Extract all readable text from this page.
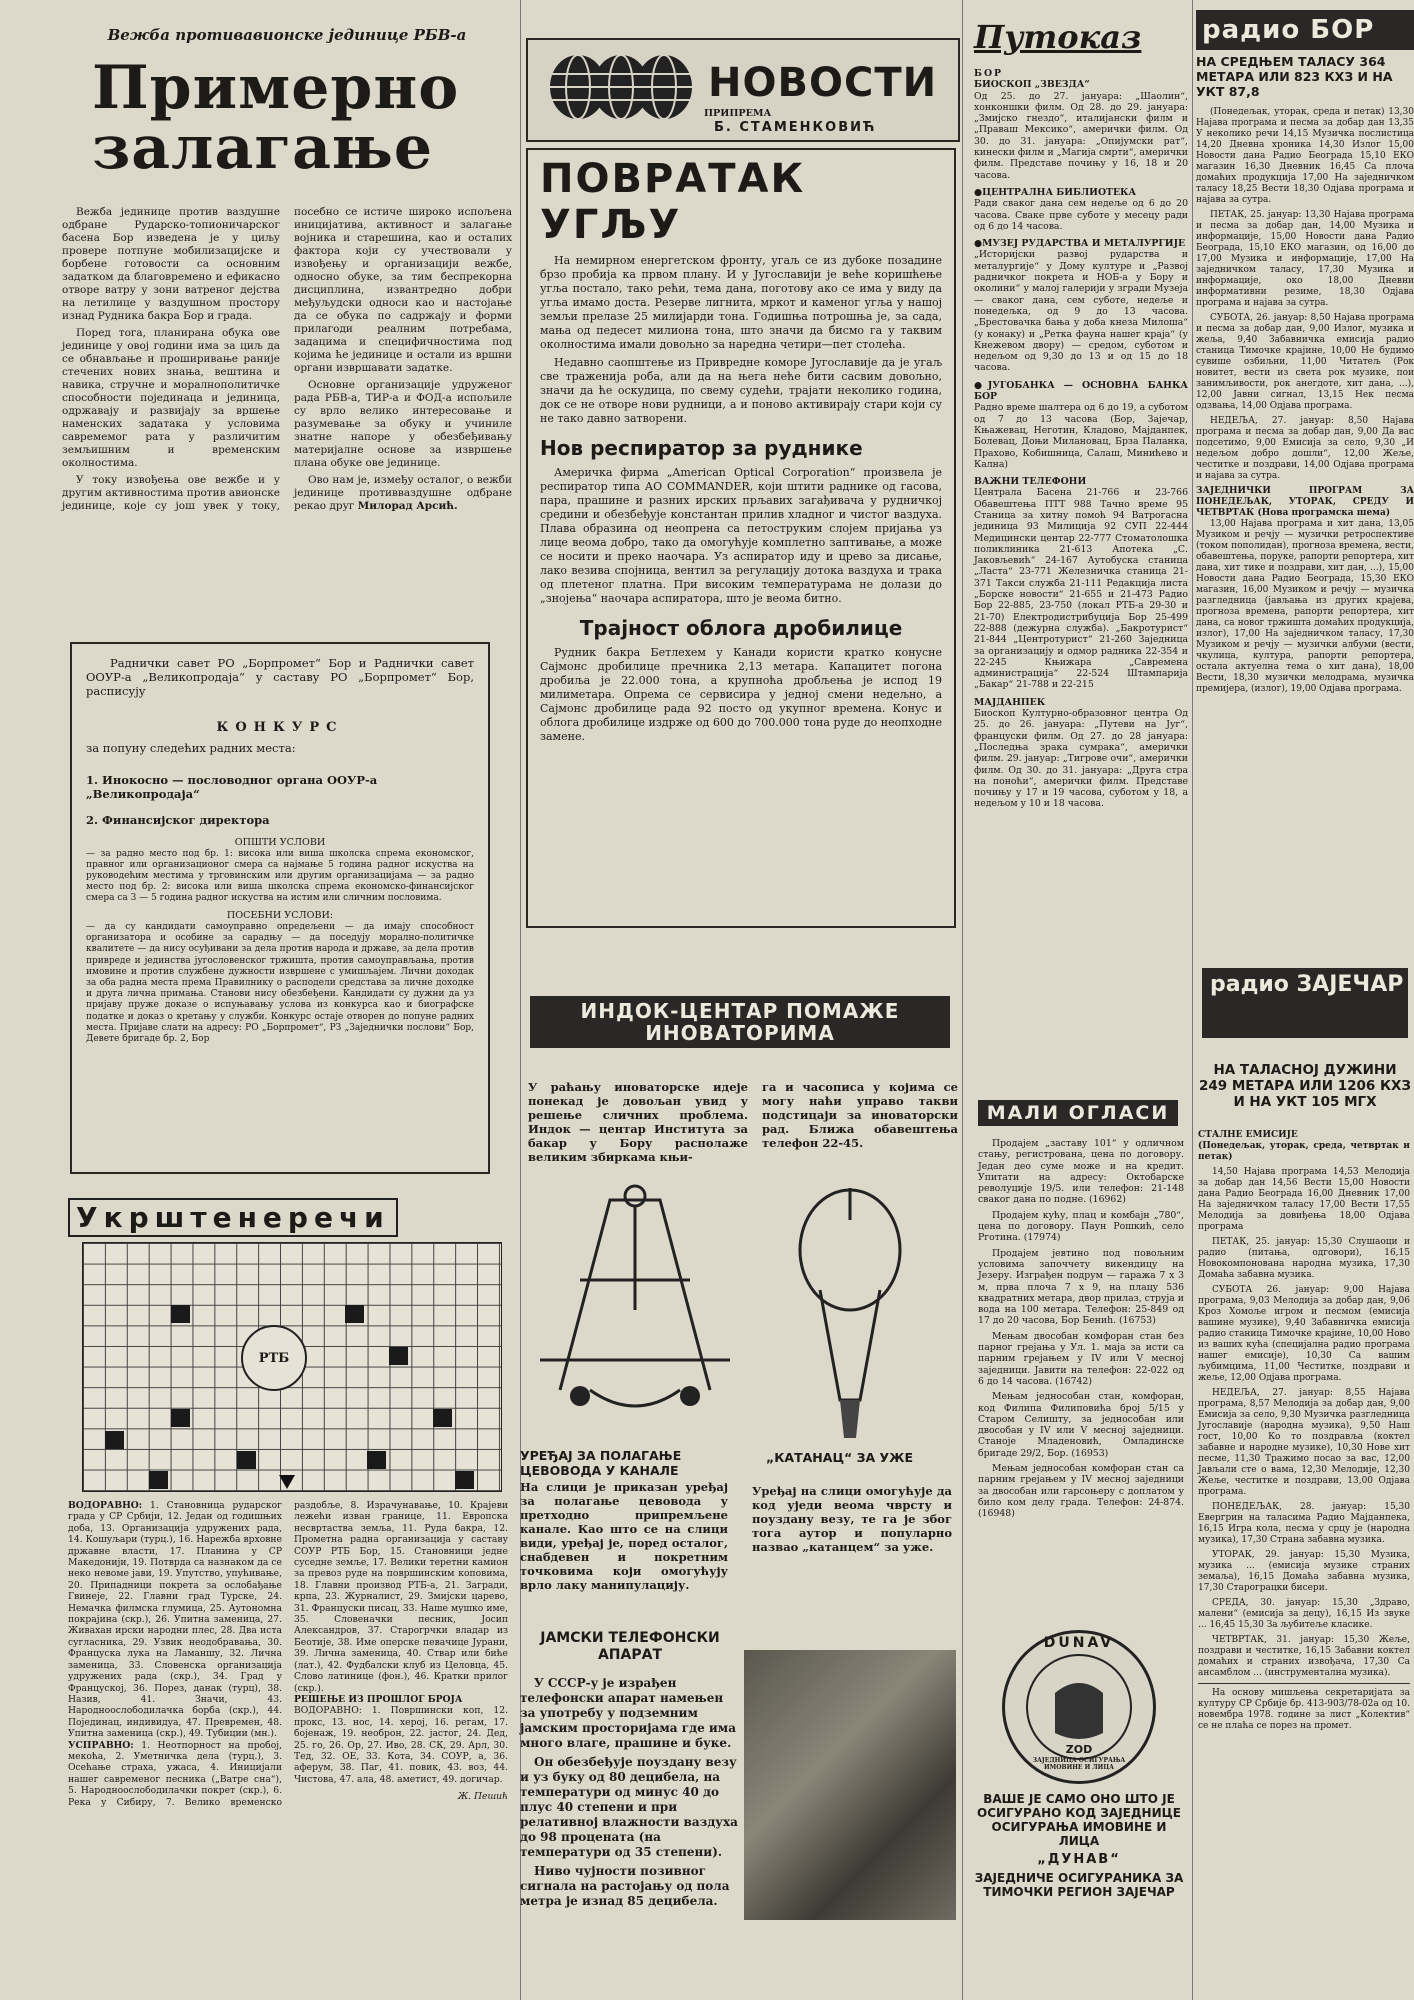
Вежба противавионске јединице РБВ-а
Примерно залагање

Вежба јединице против ваздушне одбране Рударско-топионичарског басена Бор изведена је у циљу провере потпуне мобилизацијске и борбене готовости са основним задатком да благовремено и ефикасно отворе ватру у зони ватреног дејства на летилице у ваздушном простору изнад Рудника бакра Бор и града.

Поред тога, планирана обука ове јединице у овој години има за циљ да се обнављање и проширивање раније стечених нових знања, вештина и навика, стручне и моралнополитичке способности појединаца и јединица, одржавају и развијају за вршење наменских задатака у условима савремемог рата у различитим земљишним и временским околностима.

У току извођења ове вежбе и у другим активностима против авионске јединице, које су још увек у току, посебно се истиче широко испољена иницијатива, активност и залагање војника и старешина, као и осталих фактора који су учествовали у извођењу и организацији вежбе, односно обуке, за тим беспрекорна дисциплина, извантредно добри међуљудски односи као и настојање да се обука по садржају и форми прилагоди реалним потребама, задацима и специфичностима под којима ће јединице и остали из вршни органи извршавати задатке.

Основне организације удруженог рада РБВ-а, ТИР-а и ФОД-а испољиле су врло велико интересовање и разумевање за обуку и учиниле знатне напоре у обезбеђивању материјалне основе за извршење плана обуке ове јединице.

Ово нам је, између осталог, о вежби јединице противваздушне одбране рекао друг Милорад Арсић.

Раднички савет РО „Борпромет“ Бор и Раднички савет ООУР-а „Великопродаја“ у саставу РО „Борпромет“ Бор, расписују
КОНКУРС
за попуну следећих радних места:
1. Инокосно — пословодног органа ООУР-а „Великопродаја“
2. Финансијског директора
ОПШТИ УСЛОВИ
— за радно место под бр. 1: висока или виша школска спрема економског, правног или организационог смера са најмање 5 година радног искуства на руководећим местима у трговинским или другим организацијама — за радно место под бр. 2: висока или виша школска спрема економско-финансијског смера са 3 — 5 година радног искуства на истим или сличним пословима.
ПОСЕБНИ УСЛОВИ:
— да су кандидати самоуправно опредељени — да имају способност организатора и особине за сарадњу — да поседују морално-политичке квалитете — да нису осуђивани за дела против народа и државе, за дела против привреде и јединства југословенског тржишта, против самоуправљања, против имовине и против службене дужности извршене с умишљајем. Лични доходак за оба радна места према Правилнику о расподели средстава за личне доходке и друга лична примања. Станови нису обезбеђени. Кандидати су дужни да уз пријаву пруже доказе о испуњавању услова из конкурса као и биографске податке и доказ о кретању у служби. Конкурс остаје отворен до попуне радних места. Пријаве слати на адресу: РО „Борпромет“, РЗ „Заједнички послови“ Бор, Девете бригаде бр. 2, Бор
Укрштенеречи
РТБ
ВОДОРАВНО: 1. Становница рударског града у СР Србији, 12. Један од годишњих доба, 13. Организација удружених рада, 14. Кошуљари (турц.), 16. Нарежба врховне државне власти, 17. Планина у СР Македонији, 19. Потврда са назнаком да се неко невоме јави, 19. Упутство, упућивање, 20. Припадници покрета за ослобађање Гвинеје, 22. Главни град Турске, 24. Немачка филмска глумица, 25. Аутономна покрајина (скр.), 26. Упитна заменица, 27. Живахан ирски народни плес, 28. Два иста сугласника, 29. Узвик неодобравања, 30. Француска лука на Ламаншу, 32. Лична заменица, 33. Словенска организација удружених рада (скр.), 34. Град у Француској, 36. Порез, данак (турц), 38. Назив, 41. Значи, 43. Народноослободилачка борба (скр.), 44. Појединац, индивидуа, 47. Превремен, 48. Упитна заменица (скр.), 49. Тубиции (мн.).
УСПРАВНО: 1. Неотпорност на пробој, мекоћа, 2. Уметничка дела (турц.), 3. Осећање страха, ужаса, 4. Иницијали нашег савременог песника („Ватре сна“), 5. Народноослободилачки покрет (скр.), 6. Река у Сибиру, 7. Велико временско раздобље, 8. Израчунавање, 10. Крајеви лежећи изван границе, 11. Европска несвртаства земља, 11. Руда бакра, 12. Прометна радна организација у саставу СОУР РТБ Бор, 15. Становници једне суседне земље, 17. Велики теретни камион за превоз руде на површинским коповима, 18. Главни производ РТБ-а, 21. Загради, крпа, 23. Журналист, 29. Змијски царево, 31. Француски писац, 33. Наше мушко име, 35. Словеначки песник, Јосип Александров, 37. Старогрчки владар из Беотије, 38. Име оперске певачице Јурани, 39. Лична заменица, 40. Ствар или биће (лат.), 42. Фудбалски клуб из Целовца, 45. Слово латинице (фон.), 46. Кратки прилог (скр.).
РЕШЕЊЕ ИЗ ПРОШЛОГ БРОЈА
ВОДОРАВНО: 1. Површински коп, 12. прокс, 13. нос, 14. херој, 16. регам, 17. бојенаж, 19. необрон, 22. јастог, 24. Дед, 25. го, 26. Ор, 27. Иво, 28. СК, 29. Арл, 30. Тед, 32. ОЕ, 33. Кота, 34. СОУР, а, 36. аферум, 38. Паг, 41. повик, 43. воз, 44. Чистова, 47. ала, 48. аметист, 49. догичар.
Ж. Пешић
НОВОСТИ
ПРИПРЕМА
Б. СТАМЕНКОВИЋ
ПОВРАТАК УГЉУ

На немирном енергетском фронту, угаљ се из дубоке позадине брзо пробија ка првом плану. И у Југославији је веће коришћење угља постало, тако рећи, тема дана, поготову ако се има у виду да угља имамо доста. Резерве лигнита, мркот и каменог угља у нашој земљи прелазе 25 милијарди тона. Годишња потрошња је, за сада, мања од педесет милиона тона, што значи да бисмо га у таквим околностима имали довољно за наредна четири—пет столећа.

Недавно саопштење из Привредне коморе Југославије да је угаљ све траженија роба, али да на њега неће бити сасвим довољно, значи да ће оскудица, по свему судећи, трајати неколико година, док се не отворе нови рудници, а и поново активирају стари који су не тако давно затворени.

Нов респиратор за руднике
Америчка фирма „American Optical Corporation“ произвела је респиратор типа АО COMMANDER, који штити раднике од гасова, пара, прашине и разних ирских прљавих загађивача у рудничкој средини и обезбеђује константан прилив хладног и чистог ваздуха. Плава образина од неопрена са петоструким слојем пријања уз лице веома добро, тако да омогућује комплетно заптивање, а може се носити и преко наочара. Уз аспиратор иду и црево за дисање, лако везива спојница, вентил за регулацију дотока ваздуха и трака од плетеног платна. При високим температурама не долази до „знојења“ наочара аспиратора, што је веома битно.
Трајност облога дробилице
Рудник бакра Бетлехем у Канади користи кратко конусне Сајмонс дробилице пречника 2,13 метара. Капацитет погона дробиља је 22.000 тона, а крупноћа дробљења је испод 19 милиметара. Опрема се сервисира у једној смени недељно, а Сајмонс дробилице рада 92 посто од укупног времена. Конус и облога дробилице издрже од 600 до 700.000 тона руде до неопходне замене.
ИНДОК-ЦЕНТАР ПОМАЖЕ ИНОВАТОРИМА
У раћању иноваторске идеје понекад је довољан увид у решење сличних проблема. Индок — центар Института за бакар у Бору располаже великим збиркама књи-
га и часописа у којима се могу наћи управо такви подстицаји за иноваторски рад. Ближа обавештења телефон 22-45.
УРЕЂАЈ ЗА ПОЛАГАЊЕ ЦЕВОВОДА У КАНАЛЕ
На слици је приказан уређај за полагање цевовода у претходно припремљене канале. Као што се на слици види, уређај је, поред осталог, снабдевен и покретним точковима који омогућују врло лаку манипулацију.
„КАТАНАЦ“ ЗА УЖЕ
Уређај на слици омогућује да код уједи веома чврсту и поуздану везу, те га је због тога аутор и популарно назвао „катанцем“ за уже.
ЈАМСКИ ТЕЛЕФОНСКИ АПАРАТ

У СССР-у је израђен телефонски апарат намењен за употребу у подземним јамским просторијама где има много влаге, прашине и буке.

Он обезбеђује поуздану везу и уз буку од 80 децибела, на температури од минус 40 до плус 40 степени и при релативној влажности ваздуха до 98 процената (на температури од 35 степени).

Ниво чујности позивног сигнала на растојању од пола метра је изнад 85 децибела.

Путоказ
БОР
БИОСКОП „ЗВЕЗДА“
Од 25. до 27. јануара: „Шаолин“, хонконшки филм. Од 28. до 29. јануара: „Змијско гнездо“, италијански филм и „Праваш Мексико“, амерички филм. Од 30. до 31. јануара: „Опијумски рат“, кинески филм и „Магија смрти“, амерички филм. Представе почињу у 16, 18 и 20 часова.
● ЦЕНТРАЛНА БИБЛИОТЕКА
Ради сваког дана сем недеље од 6 до 20 часова. Сваке прве суботе у месецу ради од 6 до 14 часова.
● МУЗЕЈ РУДАРСТВА И МЕТАЛУРГИЈЕ
„Историјски развој рударства и металургије“ у Дому културе и „Развој радничког покрета и НОБ-а у Бору и околини“ у малој галерији у згради Музеја — сваког дана, сем суботе, недеље и понедељка, од 9 до 13 часова. „Брестовачка бања у доба кнеза Милоша“ (у конаку) и „Ретка фауна нашег краја“ (у Кнежевом двору) — средом, суботом и недељом од 9,30 до 13 и од 15 до 18 часова.
● ЈУГОБАНКА — ОСНОВНА БАНКА БОР
Радно време шалтера од 6 до 19, а суботом од 7 до 13 часова (Бор, Зајечар, Књажевац, Неготин, Кладово, Мајданпек, Болевац, Доњи Милановац, Брза Паланка, Прахово, Кобишница, Салаш, Минићево и Кална)
ВАЖНИ ТЕЛЕФОНИ
Централа Басена 21-766 и 23-766 Обавештења ПТТ 988 Тачно време 95 Станица за хитну помоћ 94 Ватрогасна јединица 93 Милиција 92 СУП 22-444 Медицински центар 22-777 Стоматолошка поликлиника 21-613 Апотека „С. Јаковљевић“ 24-167 Аутобуска станица „Ласта“ 23-771 Железничка станица 21-371 Такси служба 21-111 Редакција листа „Борске новости“ 21-655 и 21-473 Радио Бор 22-885, 23-750 (локал РТБ-а 29-30 и 21-70) Електродистрибуција Бор 25-499 22-888 (дежурна служба). „Бакротурист“ 21-844 „Центротурист“ 21-260 Заједница за организацију и одмор радника 22-354 и 22-245 Књижара „Савремена администрација“ 22-524 Штампарија „Бакар“ 21-788 и 22-215
МАЈДАНПЕК
Биоскоп Културно-образовног центра Од 25. до 26. јануара: „Путеви на Југ“, француски филм. Од 27. до 28 јануара: „Последња зрака сумрака“, амерички филм. 29. јануар: „Тигрове очи“, амерички филм. Од 30. до 31. јануара: „Друга стра на поноћи“, амерички филм. Представе почињу у 17 и 19 часова, суботом у 18, а недељом у 10 и 18 часова.
МАЛИ ОГЛАСИ

Продајем „заставу 101“ у одличном стању, регистрована, цена по договору. Један део суме може и на кредит. Упитати на адресу: Октобарске револуције 19/5. или телефон: 21-148 сваког дана по подне. (16962)

Продајем кућу, плац и комбајн „780“, цена по договору. Паун Рошкић, село Рготина. (17974)

Продајем јевтино под повољним условима започчету викендицу на Језеру. Изграђен подрум — гаража 7 x 3 м, прва плоча 7 x 9, на плацу 536 квадратних метара, двор прилаз, струја и вода на 100 метара. Телефон: 25-849 од 17 до 20 часова, Бор Бениh. (16753)

Мењам двособан комфоран стан без парног грејања у Ул. 1. маја за исти са парним грејањем у IV или V месној заједници. Јавити на телефон: 22-022 од 6 до 14 часова. (16742)

Мењам једнособан стан, комфоран, код Филипа Филиповића број 5/15 у Старом Селишту, за једнособан или двособан у IV или V месној заједници. Станоје Младеновић, Омладинске бригаде 29/2, Бор. (16953)

Мењам једнособан комфоран стан са парним грејањем у IV месној заједници за двособан или гарсоњеру с доплатом у било ком делу града. Телефон: 24-874. (16948)

DUNAV
ZOD
ЗАЈЕДНИЦА ОСИГУРАЊА ИМОВИНЕ И ЛИЦА
ВАШЕ ЈЕ САМО ОНО ШТО ЈЕ ОСИГУРАНО КОД ЗАЈЕДНИЦЕ ОСИГУРАЊА ИМОВИНЕ И ЛИЦА
„ДУНАВ“
ЗАЈЕДНИЧЕ ОСИГУРАНИКА ЗА ТИМОЧКИ РЕГИОН ЗАЈЕЧАР
радио БОР
НА СРЕДЊЕМ ТАЛАСУ 364 МЕТАРА ИЛИ 823 КХЗ И НА УКТ 87,8

(Понедељак, уторак, среда и петак) 13,30 Најава програма и песма за добар дан 13,35 У неколико речи 14,15 Музичка послистица 14,20 Дневна хроника 14,30 Излог 15,00 Новости дана Радио Београда 15,10 ЕКО магазин 16,30 Дневник 16,45 Са плоча домаћих продукција 17,00 На заједничком таласу 18,25 Вести 18,30 Одјава програма и најава за сутра.

ПЕТАК, 25. јануар: 13,30 Најава програма и песма за добар дан, 14,00 Музика и информације, 15,00 Новости дана Радио Београда, 15,10 ЕКО магазин, од 16,00 до 17,00 Музика и информације, 17,00 На заједничком таласу, 17,30 Музика и информације, око 18,00 Дневни информативни резиме, 18,30 Одјава програма и најава за сутра.

СУБОТА, 26. јануар: 8,50 Најава програма и песма за добар дан, 9,00 Излог, музика и жеља, 9,40 Забавничка емисија радио станица Тимочке крајине, 10,00 Не будимо сувише озбиљни, 11,00 Читатељ (Рок новитет, вести из света рок музике, пои занимљивости, рок анегдоте, хит дана, ...), 12,00 Јавни сигнал, 13,15 Нек песма одзвања, 14,00 Одјава програма.

НЕДЕЉА, 27. јануар: 8,50 Најава програма и песма за добар дан, 9,00 Да вас подсетимо, 9,00 Емисија за село, 9,30 „И недељом добро дошли“, 12,00 Жеље, честитке и поздрави, 14,00 Одјава програма и најава за сутра.

ЗАЈЕДНИЧКИ ПРОГРАМ ЗА ПОНЕДЕЉАК, УТОРАК, СРЕДУ И ЧЕТВРТАК (Нова програмска шема)

13,00 Најава програма и хит дана, 13,05 Музиком и речју — музички ретроспективе (током пополидан), прогноза времена, вести, обавештења, поруке, рапорти репортера, хит дана, хит тикe и поздрави, хит дан, ...), 15,00 Новости дана Радио Београда, 15,30 ЕКО магазин, 16,00 Музиком и речју — музичка разгледница (јављања из других крајева, прогноза времена, рапорти репортера, хит дана, са новог тржишта домаћих продукција, излог), 17,00 На заједничком таласу, 17,30 Музиком и речју — музички албуми (вести, чкулица, култура, рапорти репортера, остала актуелна тема о хит дана), 18,00 Вести, 18,30 музички мелодрама, музичка премијера, (излог), 19,00 Одјава програма.

радио ЗАЈЕЧАР
НА ТАЛАСНОЈ ДУЖИНИ 249 МЕТАРА ИЛИ 1206 КХЗ И НА УКТ 105 МГХ
СТАЛНЕ ЕМИСИЈЕ
(Понедељак, уторак, среда, четвртак и петак)

14,50 Најава програма 14,53 Мелодија за добар дан 14,56 Вести 15,00 Новости дана Радио Београда 16,00 Дневник 17,00 На заједничком таласу 17,00 Вести 17,55 Мелодија за довиђења 18,00 Одјава програма

ПЕТАК, 25. јануар: 15,30 Слушаоци и радио (питања, одговори), 16,15 Новокомпонована народна музика, 17,30 Домаћа забавна музика.

СУБОТА 26. јануар: 9,00 Најава програма, 9,03 Мелодија за добар дан, 9,06 Кроз Хомоље игром и песмом (емисија вашине музике), 9,40 Забавничка емисија радио станица Тимочке крајине, 10,00 Ново из ваших кућа (специјална радио програма нашег емисије), 10,30 Са вашим љубимцима, 11,00 Честитке, поздрави и жеље, 12,00 Одјава програма.

НЕДЕЉА, 27. јануар: 8,55 Најава програма, 8,57 Мелодија за добар дан, 9,00 Емисија за село, 9,30 Музичка разгледница Југославије (народна музика), 9,50 Наш гост, 10,00 Ко то поздравља (коктел забавне и народне музике), 10,30 Нове хит песме, 11,30 Тражимо посао за вас, 12,00 Јављали сте о вама, 12,30 Мелодије, 12,30 Жеље, честитке и поздрави, 13,00 Одјава програма.

ПОНЕДЕЉАК, 28. јануар: 15,30 Евергрин на таласима Радио Мајданпека, 16,15 Игра кола, песма у срцу је (народна музика), 17,30 Страна забавна музика.

УТОРАК, 29. јануар: 15,30 Музика, музика ... (емисија музике страних земаља), 16,15 Домаћа забавна музика, 17,30 Старограцки бисери.

СРЕДА, 30. јануар: 15,30 „Здраво, малени“ (емисија за децу), 16,15 Из звуке ... 16,45 15,30 За љубитеље класике.

ЧЕТВРТАК, 31. јануар: 15,30 Жеље, поздрави и честитке, 16,15 Забавни коктел домаћих и страних извођача, 17,30 Са ансамблом ... (инструментална музика).

На основу мишљења секретаријата за културу СР Србије бр. 413-903/78-02а од 10. новембра 1978. године за лист „Колектив“ се не плаћа се порез на промет.
